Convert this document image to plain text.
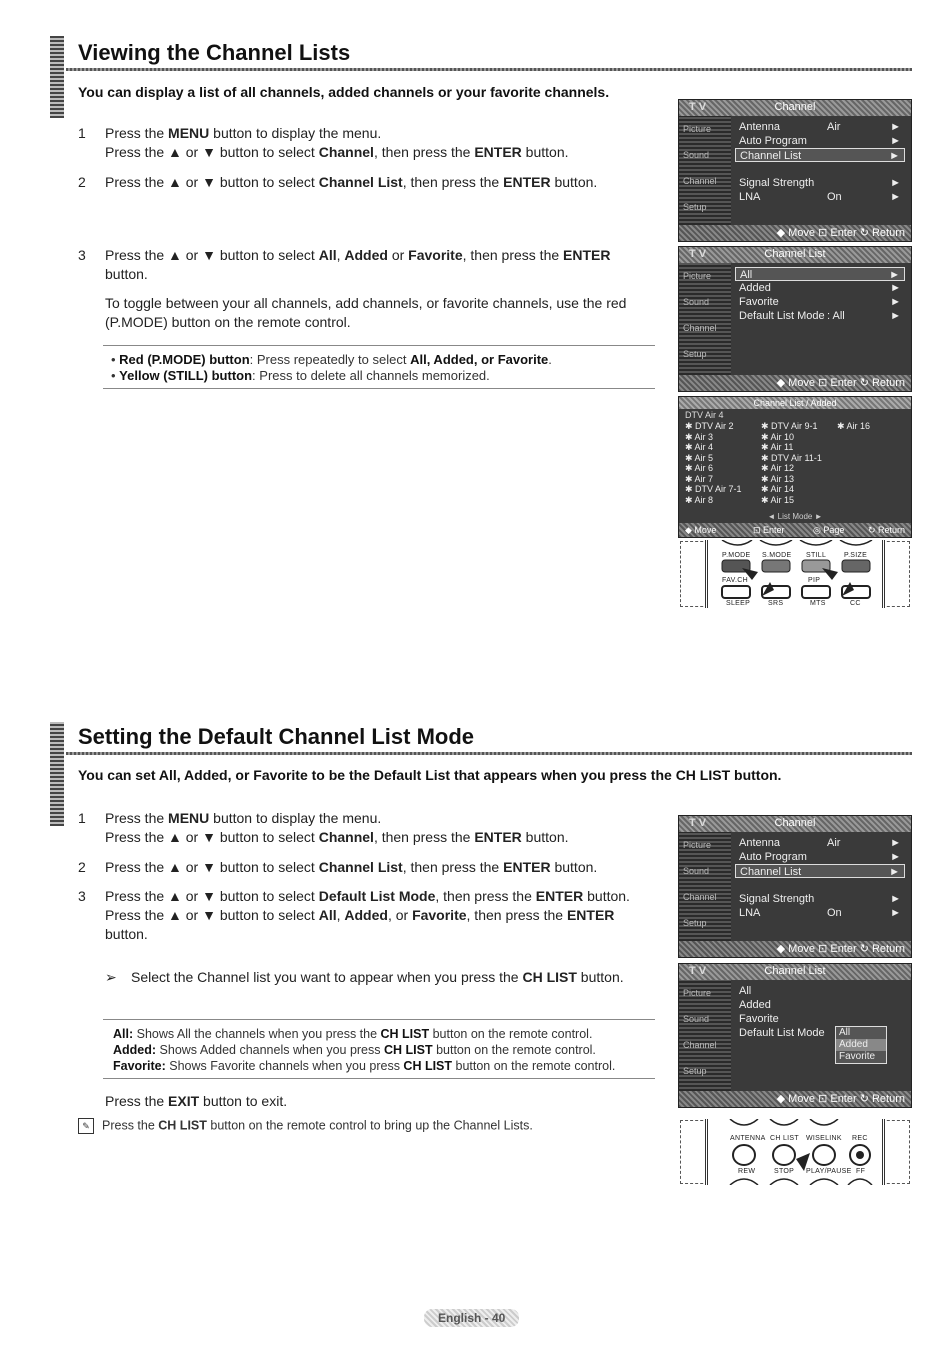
Viewing the Channel Lists
You can display a list of all channels, added channels or your favorite channels.
1 Press the MENU button to display the menu.
Press the ▲ or ▼ button to select Channel, then press the ENTER button.
2 Press the ▲ or ▼ button to select Channel List, then press the ENTER button.
3 Press the ▲ or ▼ button to select All, Added or Favorite, then press the ENTER button.
To toggle between your all channels, add channels, or favorite channels, use the red (P.MODE) button on the remote control.
• Red (P.MODE) button: Press repeatedly to select All, Added, or Favorite.
• Yellow (STILL) button: Press to delete all channels memorized.
T V	Channel
Picture
Sound
Channel
Setup
Antenna	Air	►
Auto Program	►
Channel List	►
Signal Strength	►
LNA	On	►
◆ Move ⊡ Enter ↻ Return
T V	Channel List
Picture
Sound
Channel
Setup
All	►
Added	►
Favorite	►
Default List Mode : All	►
◆ Move ⊡ Enter ↻ Return
Channel List / Added
DTV Air 4
✱ DTV Air 2
✱ Air 3
✱ Air 4
✱ Air 5
✱ Air 6
✱ Air 7
✱ DTV Air 7-1
✱ Air 8
✱ DTV Air 9-1
✱ Air 10
✱ Air 11
✱ DTV Air 11-1
✱ Air 12
✱ Air 13
✱ Air 14
✱ Air 15
✱ Air 16
◄ List Mode ►
◆ Move	⊡ Enter	◎ Page	↻ Return
P.MODE S.MODE STILL	P.SIZE
FAV.CH	PIP
SLEEP	SRS	MTS	CC
Setting the Default Channel List Mode
You can set All, Added, or Favorite to be the Default List that appears when you press the CH LIST button.
1 Press the MENU button to display the menu.
Press the ▲ or ▼ button to select Channel, then press the ENTER button.
2 Press the ▲ or ▼ button to select Channel List, then press the ENTER button.
3 Press the ▲ or ▼ button to select Default List Mode, then press the ENTER button.
Press the ▲ or ▼ button to select All, Added, or Favorite, then press the ENTER button.
➢ Select the Channel list you want to appear when you press the CH LIST button.
All: Shows All the channels when you press the CH LIST button on the remote control.
Added: Shows Added channels when you press CH LIST button on the remote control.
Favorite: Shows Favorite channels when you press CH LIST button on the remote control.
Press the EXIT button to exit.
✎ Press the CH LIST button on the remote control to bring up the Channel Lists.
T V	Channel
Picture
Sound
Channel
Setup
Antenna	Air	►
Auto Program	►
Channel List	►
Signal Strength	►
LNA	On	►
◆ Move ⊡ Enter ↻ Return
T V	Channel List
Picture
Sound
Channel
Setup
All
Added
Favorite
Default List Mode	All
Added
Favorite
◆ Move ⊡ Enter ↻ Return
ANTENNA CH LIST WISELINK REC
REW	STOP PLAY/PAUSE FF
English - 40
